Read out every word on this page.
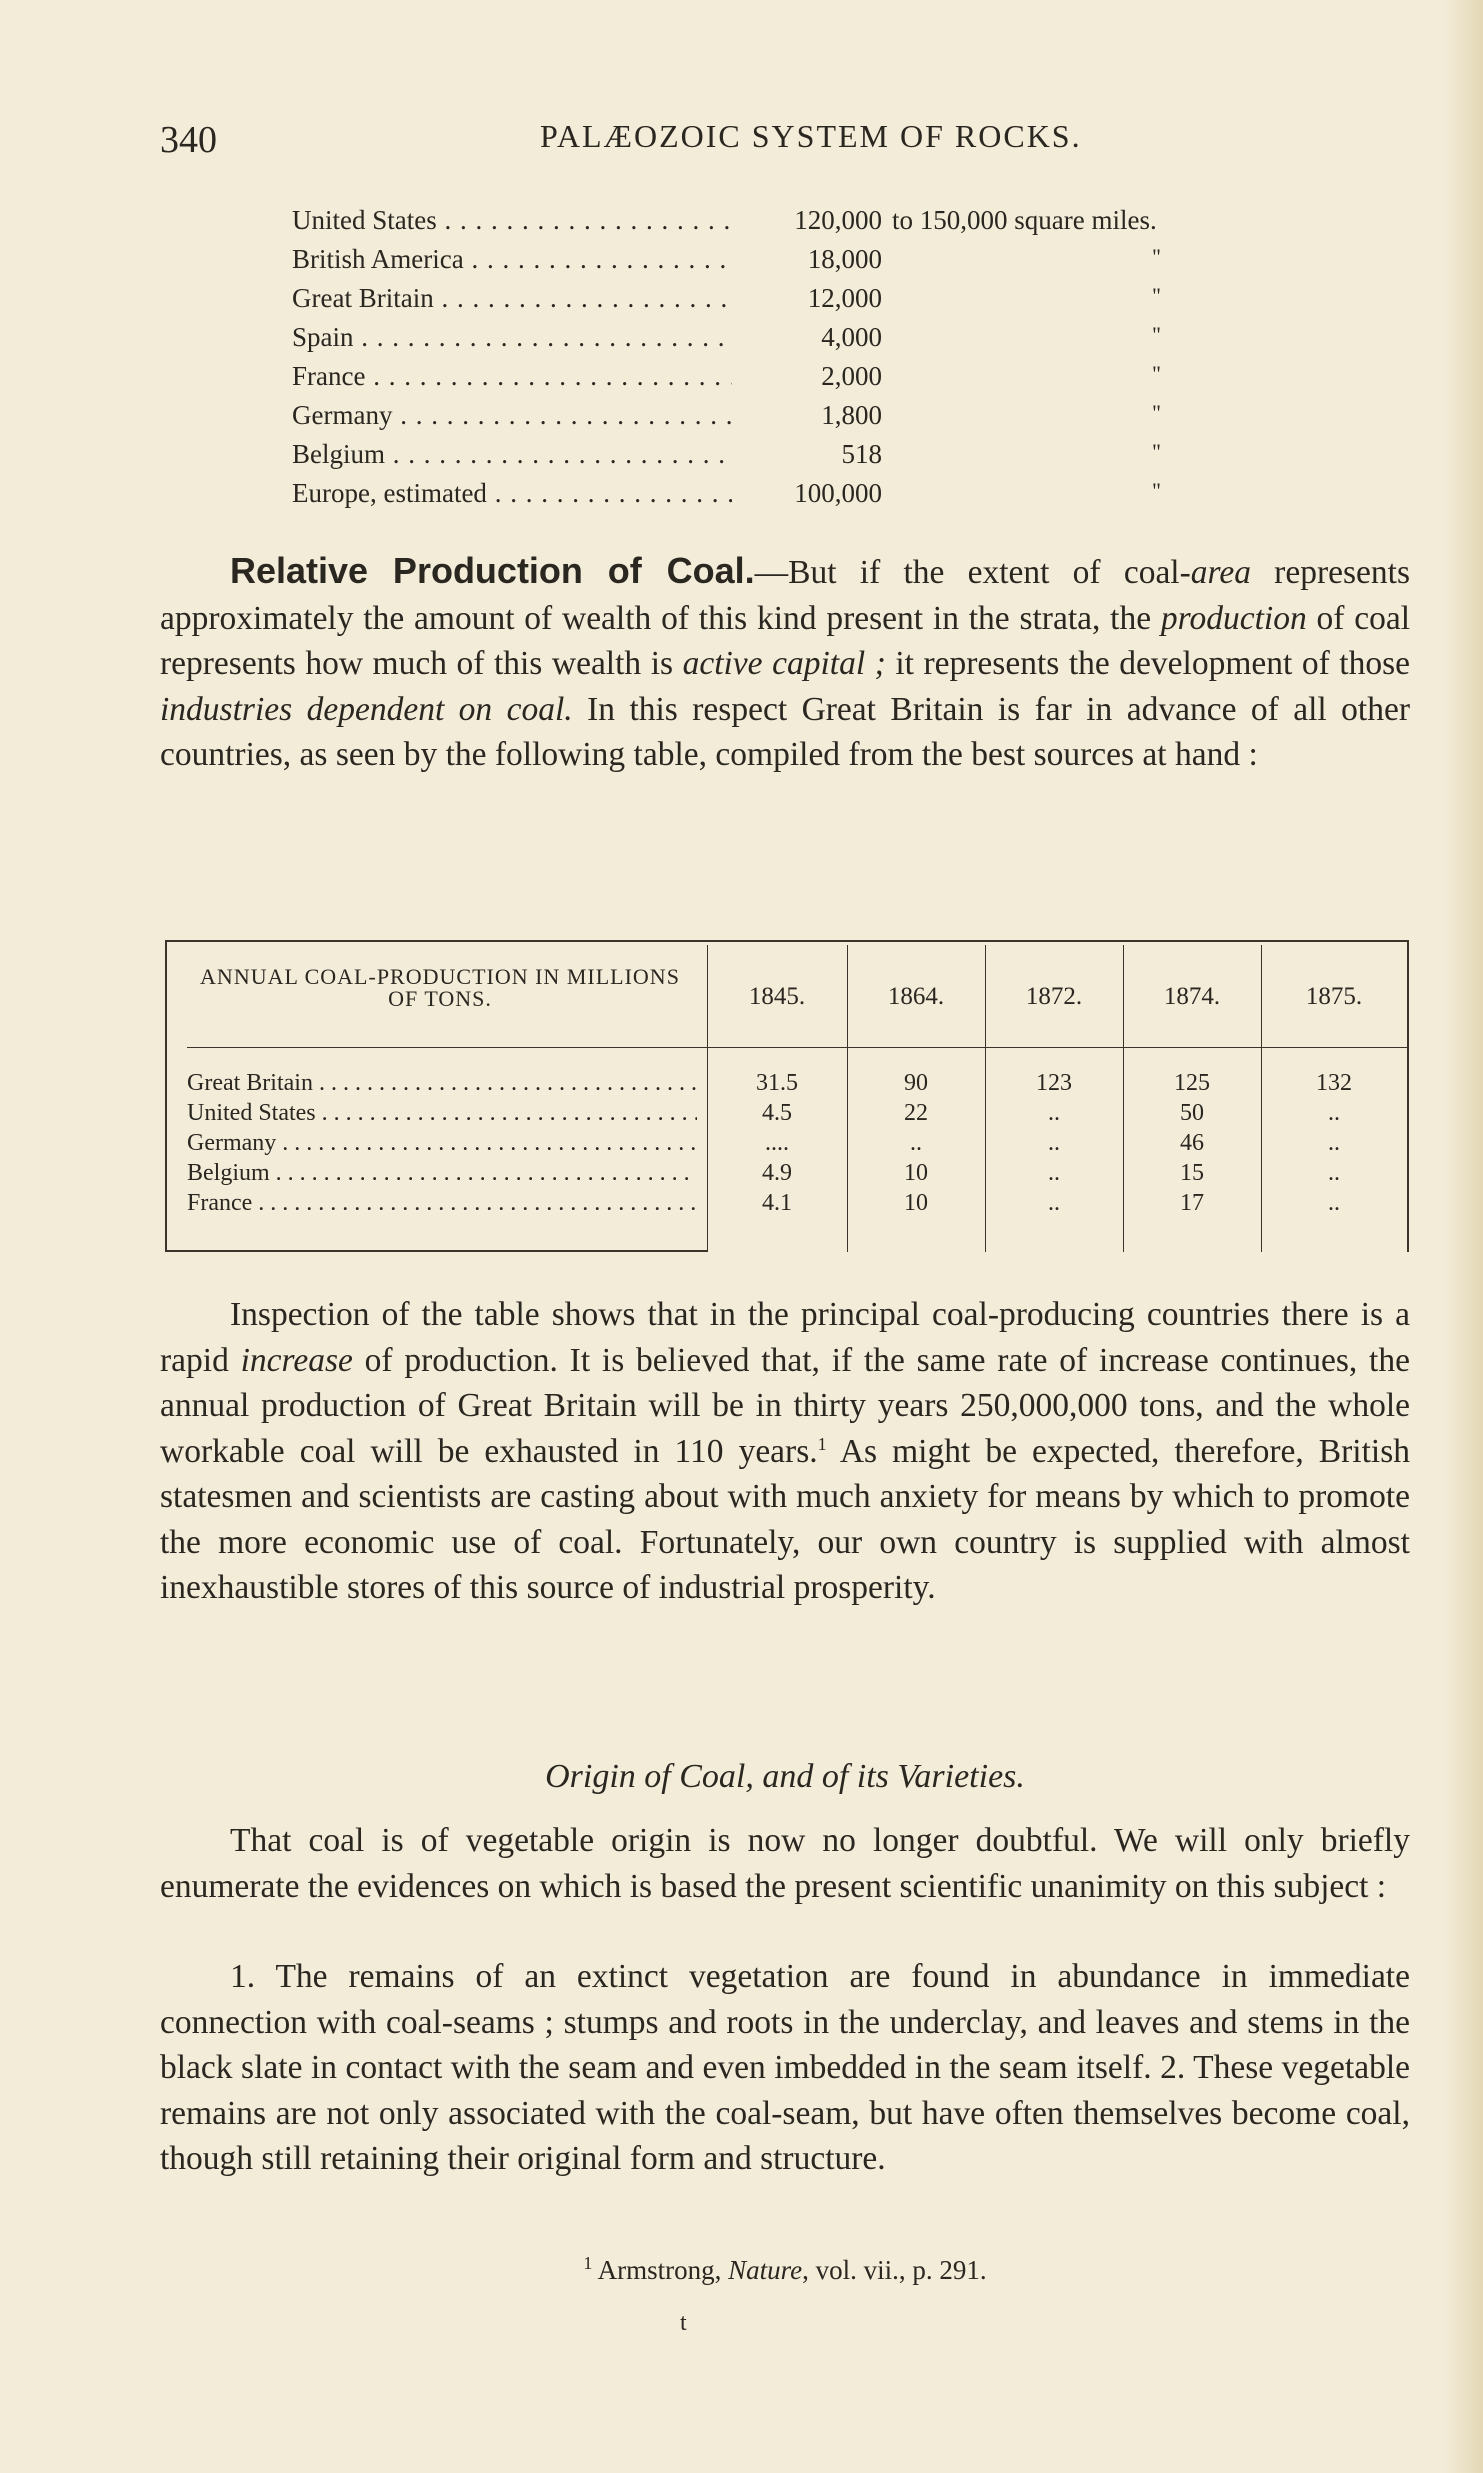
340	PALÆOZOIC SYSTEM OF ROCKS.
United States . . .	120,000 to 150,000 square miles.
British America . . .	18,000	"
Great Britain . . .	12,000	"
Spain . . .	4,000	"
France . . .	2,000	"
Germany . . .	1,800	"
Belgium . . .	518	"
Europe, estimated . . .	100,000	"

Relative Production of Coal.—But if the extent of coal-area represents approximately the amount of wealth of this kind present in the strata, the production of coal represents how much of this wealth is active capital ; it represents the development of those industries dependent on coal. In this respect Great Britain is far in advance of all other countries, as seen by the following table, compiled from the best sources at hand :

ANNUAL COAL-PRODUCTION IN MILLIONS OF TONS.	1845.	1864.	1872.	1874.	1875.
Great Britain . . .	31.5	90	123	125	132
United States . . .	4.5	22	..	50	..
Germany . . .	....	..	..	46	..
Belgium . . .	4.9	10	..	15	..
France . . .	4.1	10	..	17	..

Inspection of the table shows that in the principal coal-producing countries there is a rapid increase of production. It is believed that, if the same rate of increase continues, the annual production of Great Britain will be in thirty years 250,000,000 tons, and the whole workable coal will be exhausted in 110 years.$^1$ As might be expected, therefore, British statesmen and scientists are casting about with much anxiety for means by which to promote the more economic use of coal. Fortunately, our own country is supplied with almost inexhaustible stores of this source of industrial prosperity.

Origin of Coal, and of its Varieties.

That coal is of vegetable origin is now no longer doubtful. We will only briefly enumerate the evidences on which is based the present scientific unanimity on this subject :

1. The remains of an extinct vegetation are found in abundance in immediate connection with coal-seams ; stumps and roots in the underclay, and leaves and stems in the black slate in contact with the seam and even imbedded in the seam itself. 2. These vegetable remains are not only associated with the coal-seam, but have often themselves become coal, though still retaining their original form and structure.

$^1$ Armstrong, Nature, vol. vii., p. 291.
t
